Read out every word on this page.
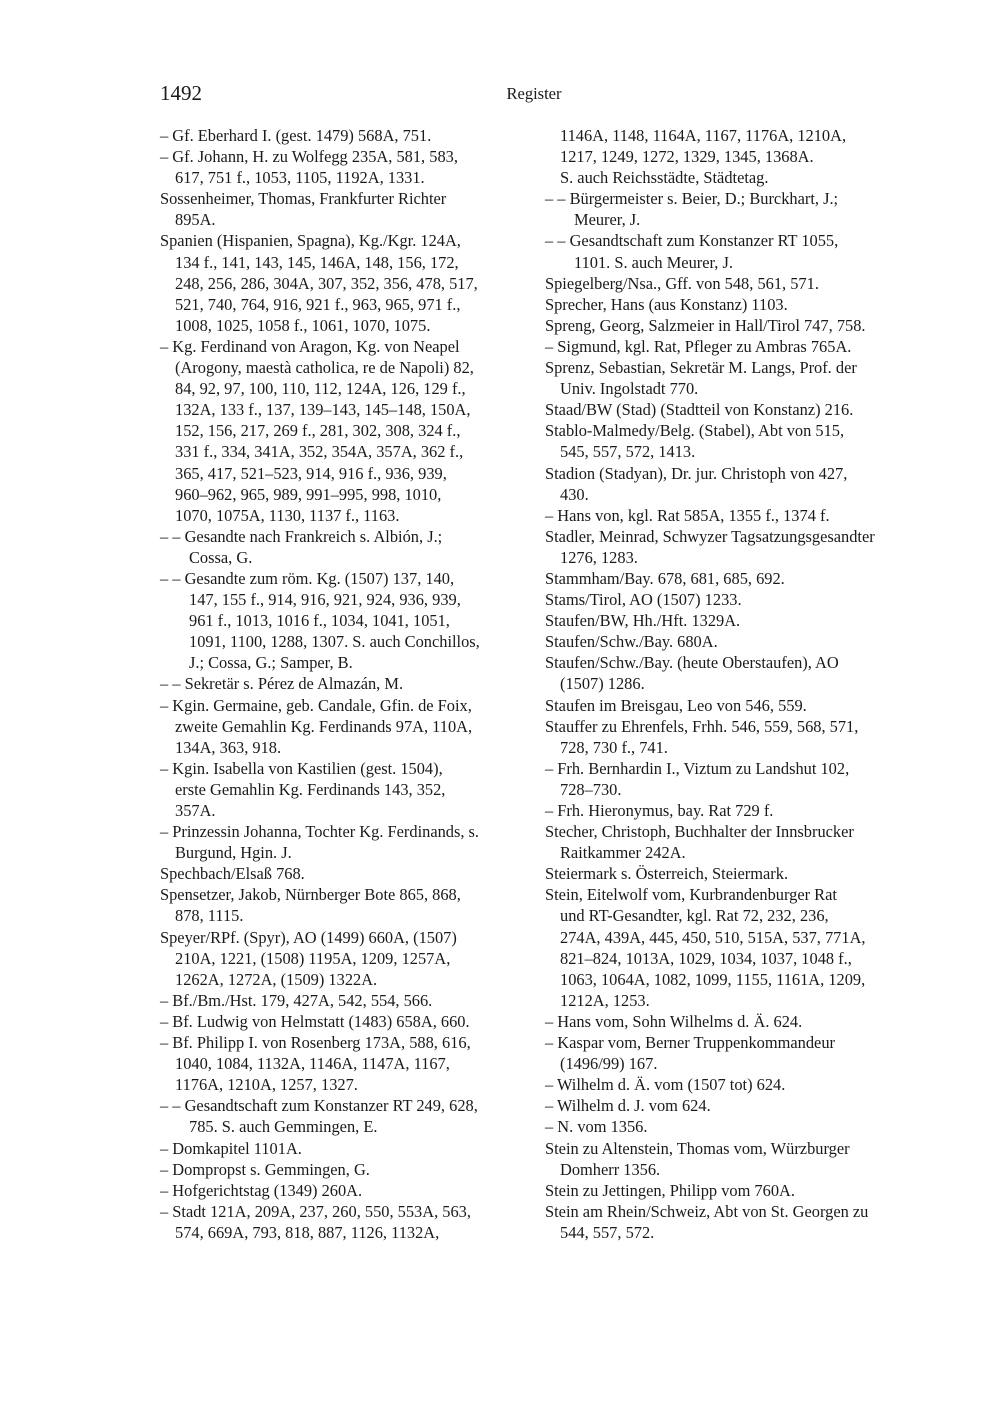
1492	Register
– Gf. Eberhard I. (gest. 1479) 568A, 751.
– Gf. Johann, H. zu Wolfegg 235A, 581, 583,
617, 751 f., 1053, 1105, 1192A, 1331.
Sossenheimer, Thomas, Frankfurter Richter
895A.
Spanien (Hispanien, Spagna), Kg./Kgr. 124A,
134 f., 141, 143, 145, 146A, 148, 156, 172,
248, 256, 286, 304A, 307, 352, 356, 478, 517,
521, 740, 764, 916, 921 f., 963, 965, 971 f.,
1008, 1025, 1058 f., 1061, 1070, 1075.
– Kg. Ferdinand von Aragon, Kg. von Neapel
(Arogony, maestà catholica, re de Napoli) 82,
84, 92, 97, 100, 110, 112, 124A, 126, 129 f.,
132A, 133 f., 137, 139–143, 145–148, 150A,
152, 156, 217, 269 f., 281, 302, 308, 324 f.,
331 f., 334, 341A, 352, 354A, 357A, 362 f.,
365, 417, 521–523, 914, 916 f., 936, 939,
960–962, 965, 989, 991–995, 998, 1010,
1070, 1075A, 1130, 1137 f., 1163.
– – Gesandte nach Frankreich s. Albión, J.;
Cossa, G.
– – Gesandte zum röm. Kg. (1507) 137, 140,
147, 155 f., 914, 916, 921, 924, 936, 939,
961 f., 1013, 1016 f., 1034, 1041, 1051,
1091, 1100, 1288, 1307. S. auch Conchillos,
J.; Cossa, G.; Samper, B.
– – Sekretär s. Pérez de Almazán, M.
– Kgin. Germaine, geb. Candale, Gfin. de Foix,
zweite Gemahlin Kg. Ferdinands 97A, 110A,
134A, 363, 918.
– Kgin. Isabella von Kastilien (gest. 1504),
erste Gemahlin Kg. Ferdinands 143, 352,
357A.
– Prinzessin Johanna, Tochter Kg. Ferdinands, s.
Burgund, Hgin. J.
Spechbach/Elsaß 768.
Spensetzer, Jakob, Nürnberger Bote 865, 868,
878, 1115.
Speyer/RPf. (Spyr), AO (1499) 660A, (1507)
210A, 1221, (1508) 1195A, 1209, 1257A,
1262A, 1272A, (1509) 1322A.
– Bf./Bm./Hst. 179, 427A, 542, 554, 566.
– Bf. Ludwig von Helmstatt (1483) 658A, 660.
– Bf. Philipp I. von Rosenberg 173A, 588, 616,
1040, 1084, 1132A, 1146A, 1147A, 1167,
1176A, 1210A, 1257, 1327.
– – Gesandtschaft zum Konstanzer RT 249, 628,
785. S. auch Gemmingen, E.
– Domkapitel 1101A.
– Dompropst s. Gemmingen, G.
– Hofgerichtstag (1349) 260A.
– Stadt 121A, 209A, 237, 260, 550, 553A, 563,
574, 669A, 793, 818, 887, 1126, 1132A,
1146A, 1148, 1164A, 1167, 1176A, 1210A,
1217, 1249, 1272, 1329, 1345, 1368A.
S. auch Reichsstädte, Städtetag.
– – Bürgermeister s. Beier, D.; Burckhart, J.;
Meurer, J.
– – Gesandtschaft zum Konstanzer RT 1055,
1101. S. auch Meurer, J.
Spiegelberg/Nsa., Gff. von 548, 561, 571.
Sprecher, Hans (aus Konstanz) 1103.
Spreng, Georg, Salzmeier in Hall/Tirol 747, 758.
– Sigmund, kgl. Rat, Pfleger zu Ambras 765A.
Sprenz, Sebastian, Sekretär M. Langs, Prof. der
Univ. Ingolstadt 770.
Staad/BW (Stad) (Stadtteil von Konstanz) 216.
Stablo-Malmedy/Belg. (Stabel), Abt von 515,
545, 557, 572, 1413.
Stadion (Stadyan), Dr. jur. Christoph von 427,
430.
– Hans von, kgl. Rat 585A, 1355 f., 1374 f.
Stadler, Meinrad, Schwyzer Tagsatzungsgesandter
1276, 1283.
Stammham/Bay. 678, 681, 685, 692.
Stams/Tirol, AO (1507) 1233.
Staufen/BW, Hh./Hft. 1329A.
Staufen/Schw./Bay. 680A.
Staufen/Schw./Bay. (heute Oberstaufen), AO
(1507) 1286.
Staufen im Breisgau, Leo von 546, 559.
Stauffer zu Ehrenfels, Frhh. 546, 559, 568, 571,
728, 730 f., 741.
– Frh. Bernhardin I., Viztum zu Landshut 102,
728–730.
– Frh. Hieronymus, bay. Rat 729 f.
Stecher, Christoph, Buchhalter der Innsbrucker
Raitkammer 242A.
Steiermark s. Österreich, Steiermark.
Stein, Eitelwolf vom, Kurbrandenburger Rat
und RT-Gesandter, kgl. Rat 72, 232, 236,
274A, 439A, 445, 450, 510, 515A, 537, 771A,
821–824, 1013A, 1029, 1034, 1037, 1048 f.,
1063, 1064A, 1082, 1099, 1155, 1161A, 1209,
1212A, 1253.
– Hans vom, Sohn Wilhelms d. Ä. 624.
– Kaspar vom, Berner Truppenkommandeur
(1496/99) 167.
– Wilhelm d. Ä. vom (1507 tot) 624.
– Wilhelm d. J. vom 624.
– N. vom 1356.
Stein zu Altenstein, Thomas vom, Würzburger
Domherr 1356.
Stein zu Jettingen, Philipp vom 760A.
Stein am Rhein/Schweiz, Abt von St. Georgen zu
544, 557, 572.
